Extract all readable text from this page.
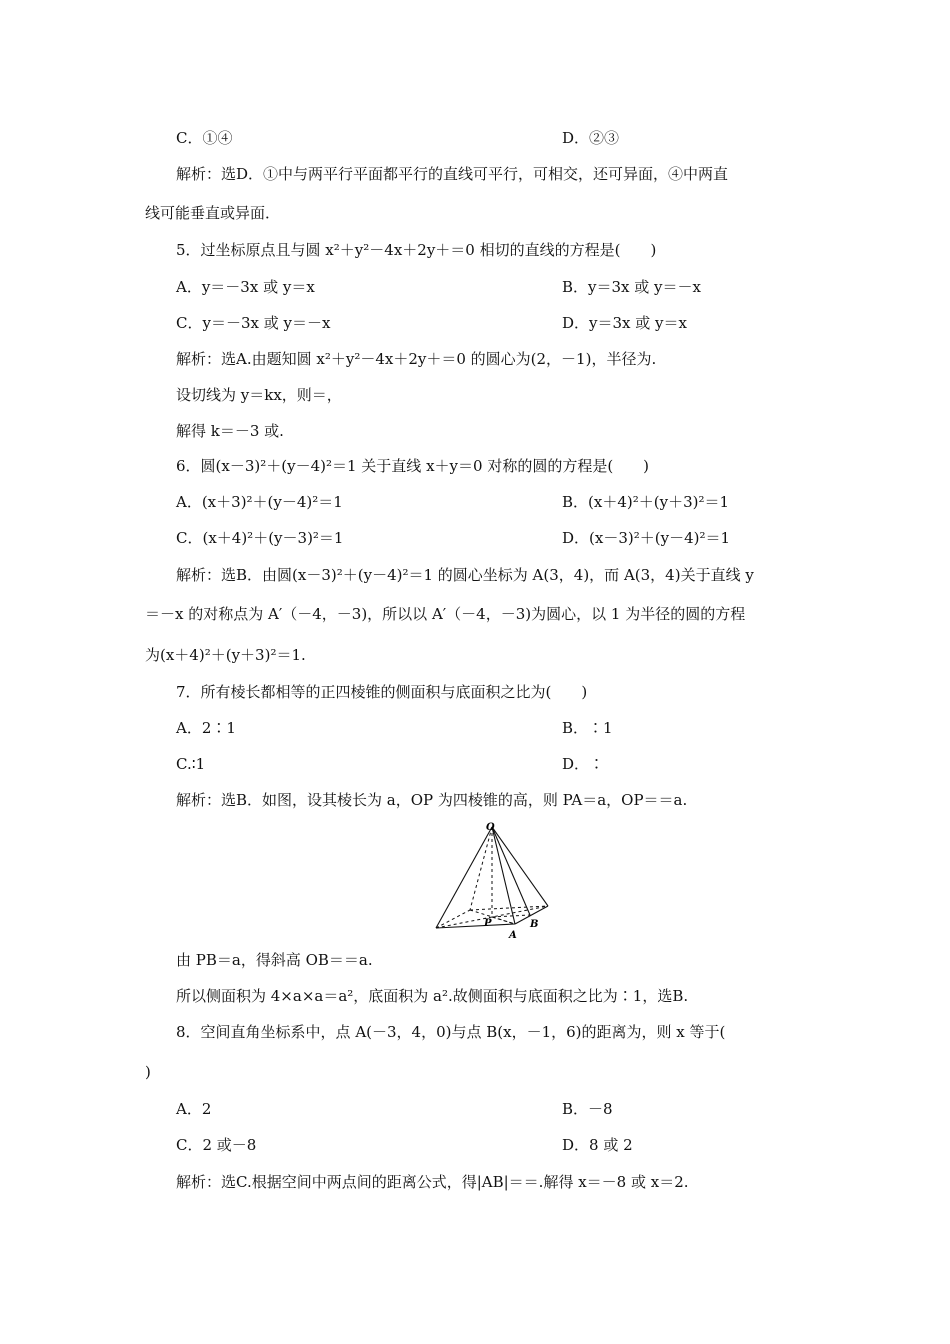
C．①④	D．②③
解析：选D．①中与两平行平面都平行的直线可平行，可相交，还可异面，④中两直
线可能垂直或异面．
5．过坐标原点且与圆 x²＋y²－4x＋2y＋＝0 相切的直线的方程是(　　)
A．y＝－3x 或 y＝x	B．y＝3x 或 y＝－x
C．y＝－3x 或 y＝－x	D．y＝3x 或 y＝x
解析：选A.由题知圆 x²＋y²－4x＋2y＋＝0 的圆心为(2，－1)，半径为.
设切线为 y＝kx，则＝，
解得 k＝－3 或.
6．圆(x－3)²＋(y－4)²＝1 关于直线 x＋y＝0 对称的圆的方程是(　　)
A．(x＋3)²＋(y－4)²＝1	B．(x＋4)²＋(y＋3)²＝1
C．(x＋4)²＋(y－3)²＝1	D．(x－3)²＋(y－4)²＝1
解析：选B．由圆(x－3)²＋(y－4)²＝1 的圆心坐标为 A(3，4)，而 A(3，4)关于直线 y
＝－x 的对称点为 A′（－4，－3)，所以以 A′（－4，－3)为圆心，以 1 为半径的圆的方程
为(x＋4)²＋(y＋3)²＝1.
7．所有棱长都相等的正四棱锥的侧面积与底面积之比为(　　)
A．2∶1	B．∶1
C.∶1	D．∶
解析：选B．如图，设其棱长为 a，OP 为四棱锥的高，则 PA＝a，OP＝＝a.
O
P
A
B
由 PB＝a，得斜高 OB＝＝a.
所以侧面积为 4×a×a＝a²，底面积为 a².故侧面积与底面积之比为∶1，选B.
8．空间直角坐标系中，点 A(－3，4，0)与点 B(x，－1，6)的距离为，则 x 等于(
)
A．2	B．－8
C．2 或－8	D．8 或 2
解析：选C.根据空间中两点间的距离公式，得|AB|＝＝.解得 x＝－8 或 x＝2.
